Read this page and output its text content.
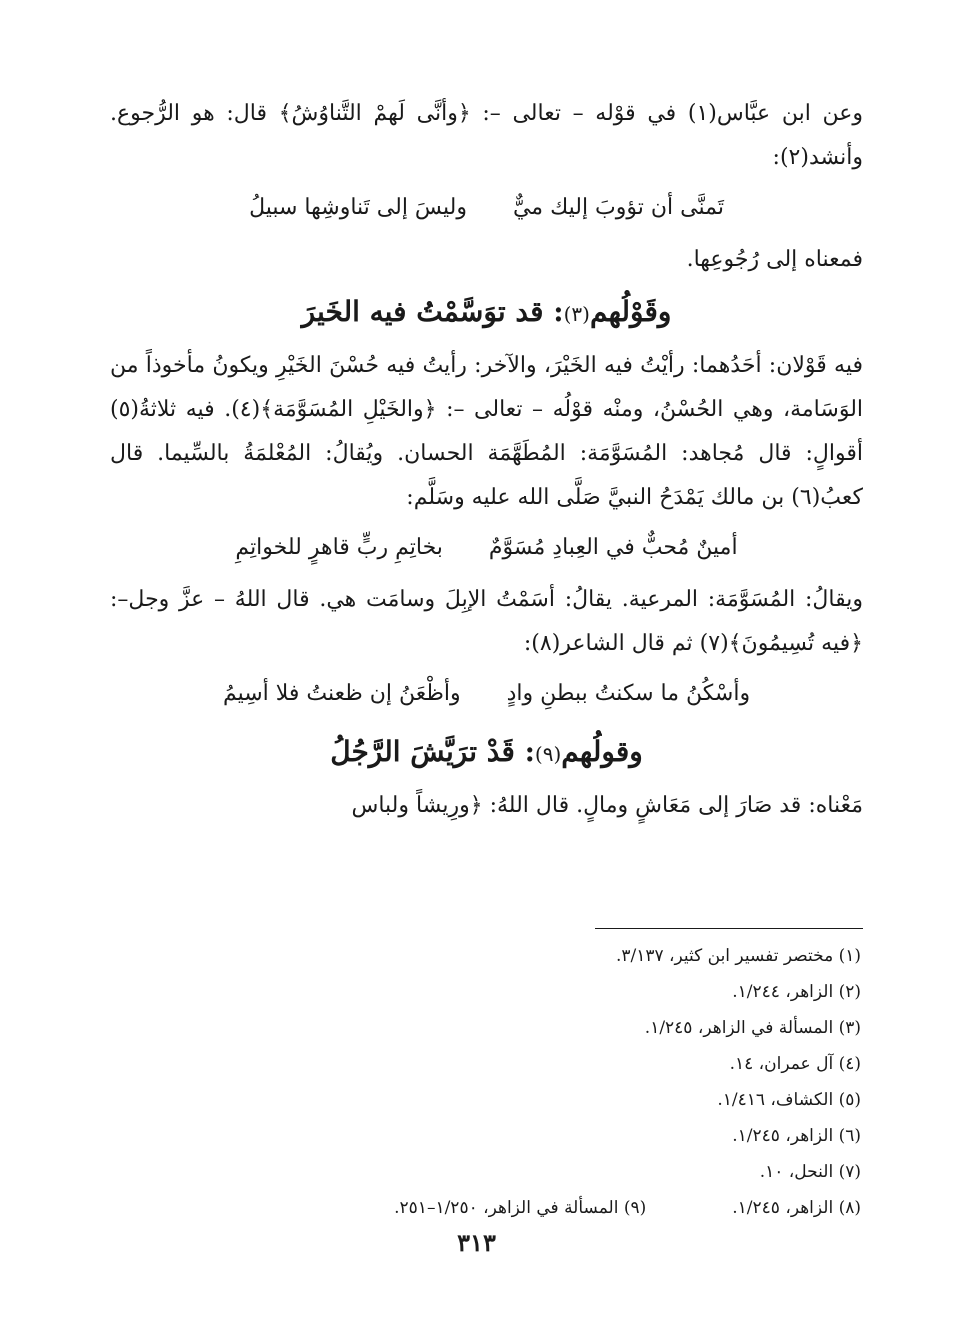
وعن ابن عبَّاس(١) في قوْله – تعالى –: ﴿وأنَّى لَهمْ التَّناوُشُ﴾ قال: هو الرُّجوع. وأنشد(٢):

تَمنَّى أن تؤوبَ إليك ميٌّ
وليسَ إلى تَناوشِها سبيلُ

فمعناه إلى رُجُوعِها.

وقَوْلُهم(٣): قد توَسَّمْتُ فيه الخَيرَ

فيه قَوْلان: أحَدُهما: رأيْتُ فيه الخَيْرَ، والآخر: رأيتُ فيه حُسْنَ الخَيْرِ ويكونُ مأخوذاً من الوَسَامة، وهي الحُسْنُ، ومنْه قوْلُه – تعالى –: ﴿والخَيْلِ المُسَوَّمَة﴾(٤). فيه ثلاثةُ(٥) أقوالٍ: قال مُجاهد: المُسَوَّمَة: المُطَهَّمَة الحسان. ويُقالُ: المُعْلمَةُ بالسِّيما. قال كعبُ(٦) بن مالك يَمْدَحُ النبيَّ صَلَّى الله عليه وسَلَّم:

أمينٌ مُحبٌّ في العِبادِ مُسَوَّمٌ
بخاتِمِ ربٍّ قاهرٍ للخواتِمِ

ويقالُ: المُسَوَّمَة: المرعية. يقالُ: أسَمْتُ الإبِلَ وسامَت هي. قال اللهُ – عزَّ وجل–: ﴿فيه تُسِيمُونَ﴾(٧) ثم قال الشاعر(٨):

وأسْكُنُ ما سكنتُ ببطنِ وادٍ
وأظْعَنُ إن ظعنتُ فلا أسِيمُ
وقولُهم(٩): قَدْ ترَيَّشَ الرَّجُلُ

مَعْناه: قد صَارَ إلى مَعَاشٍ ومالٍ. قال اللهُ: ﴿ورِيشاً ولباس

(١) مختصر تفسير ابن كثير، ٣/١٣٧.
(٢) الزاهر، ١/٢٤٤.
(٣) المسألة في الزاهر، ١/٢٤٥.
(٤) آل عمران، ١٤.
(٥) الكشاف، ١/٤١٦.
(٦) الزاهر، ١/٢٤٥.
(٧) النحل، ١٠.
(٨) الزاهر، ١/٢٤٥.
(٩) المسألة في الزاهر، ١/٢٥٠–٢٥١.
٣١٣
